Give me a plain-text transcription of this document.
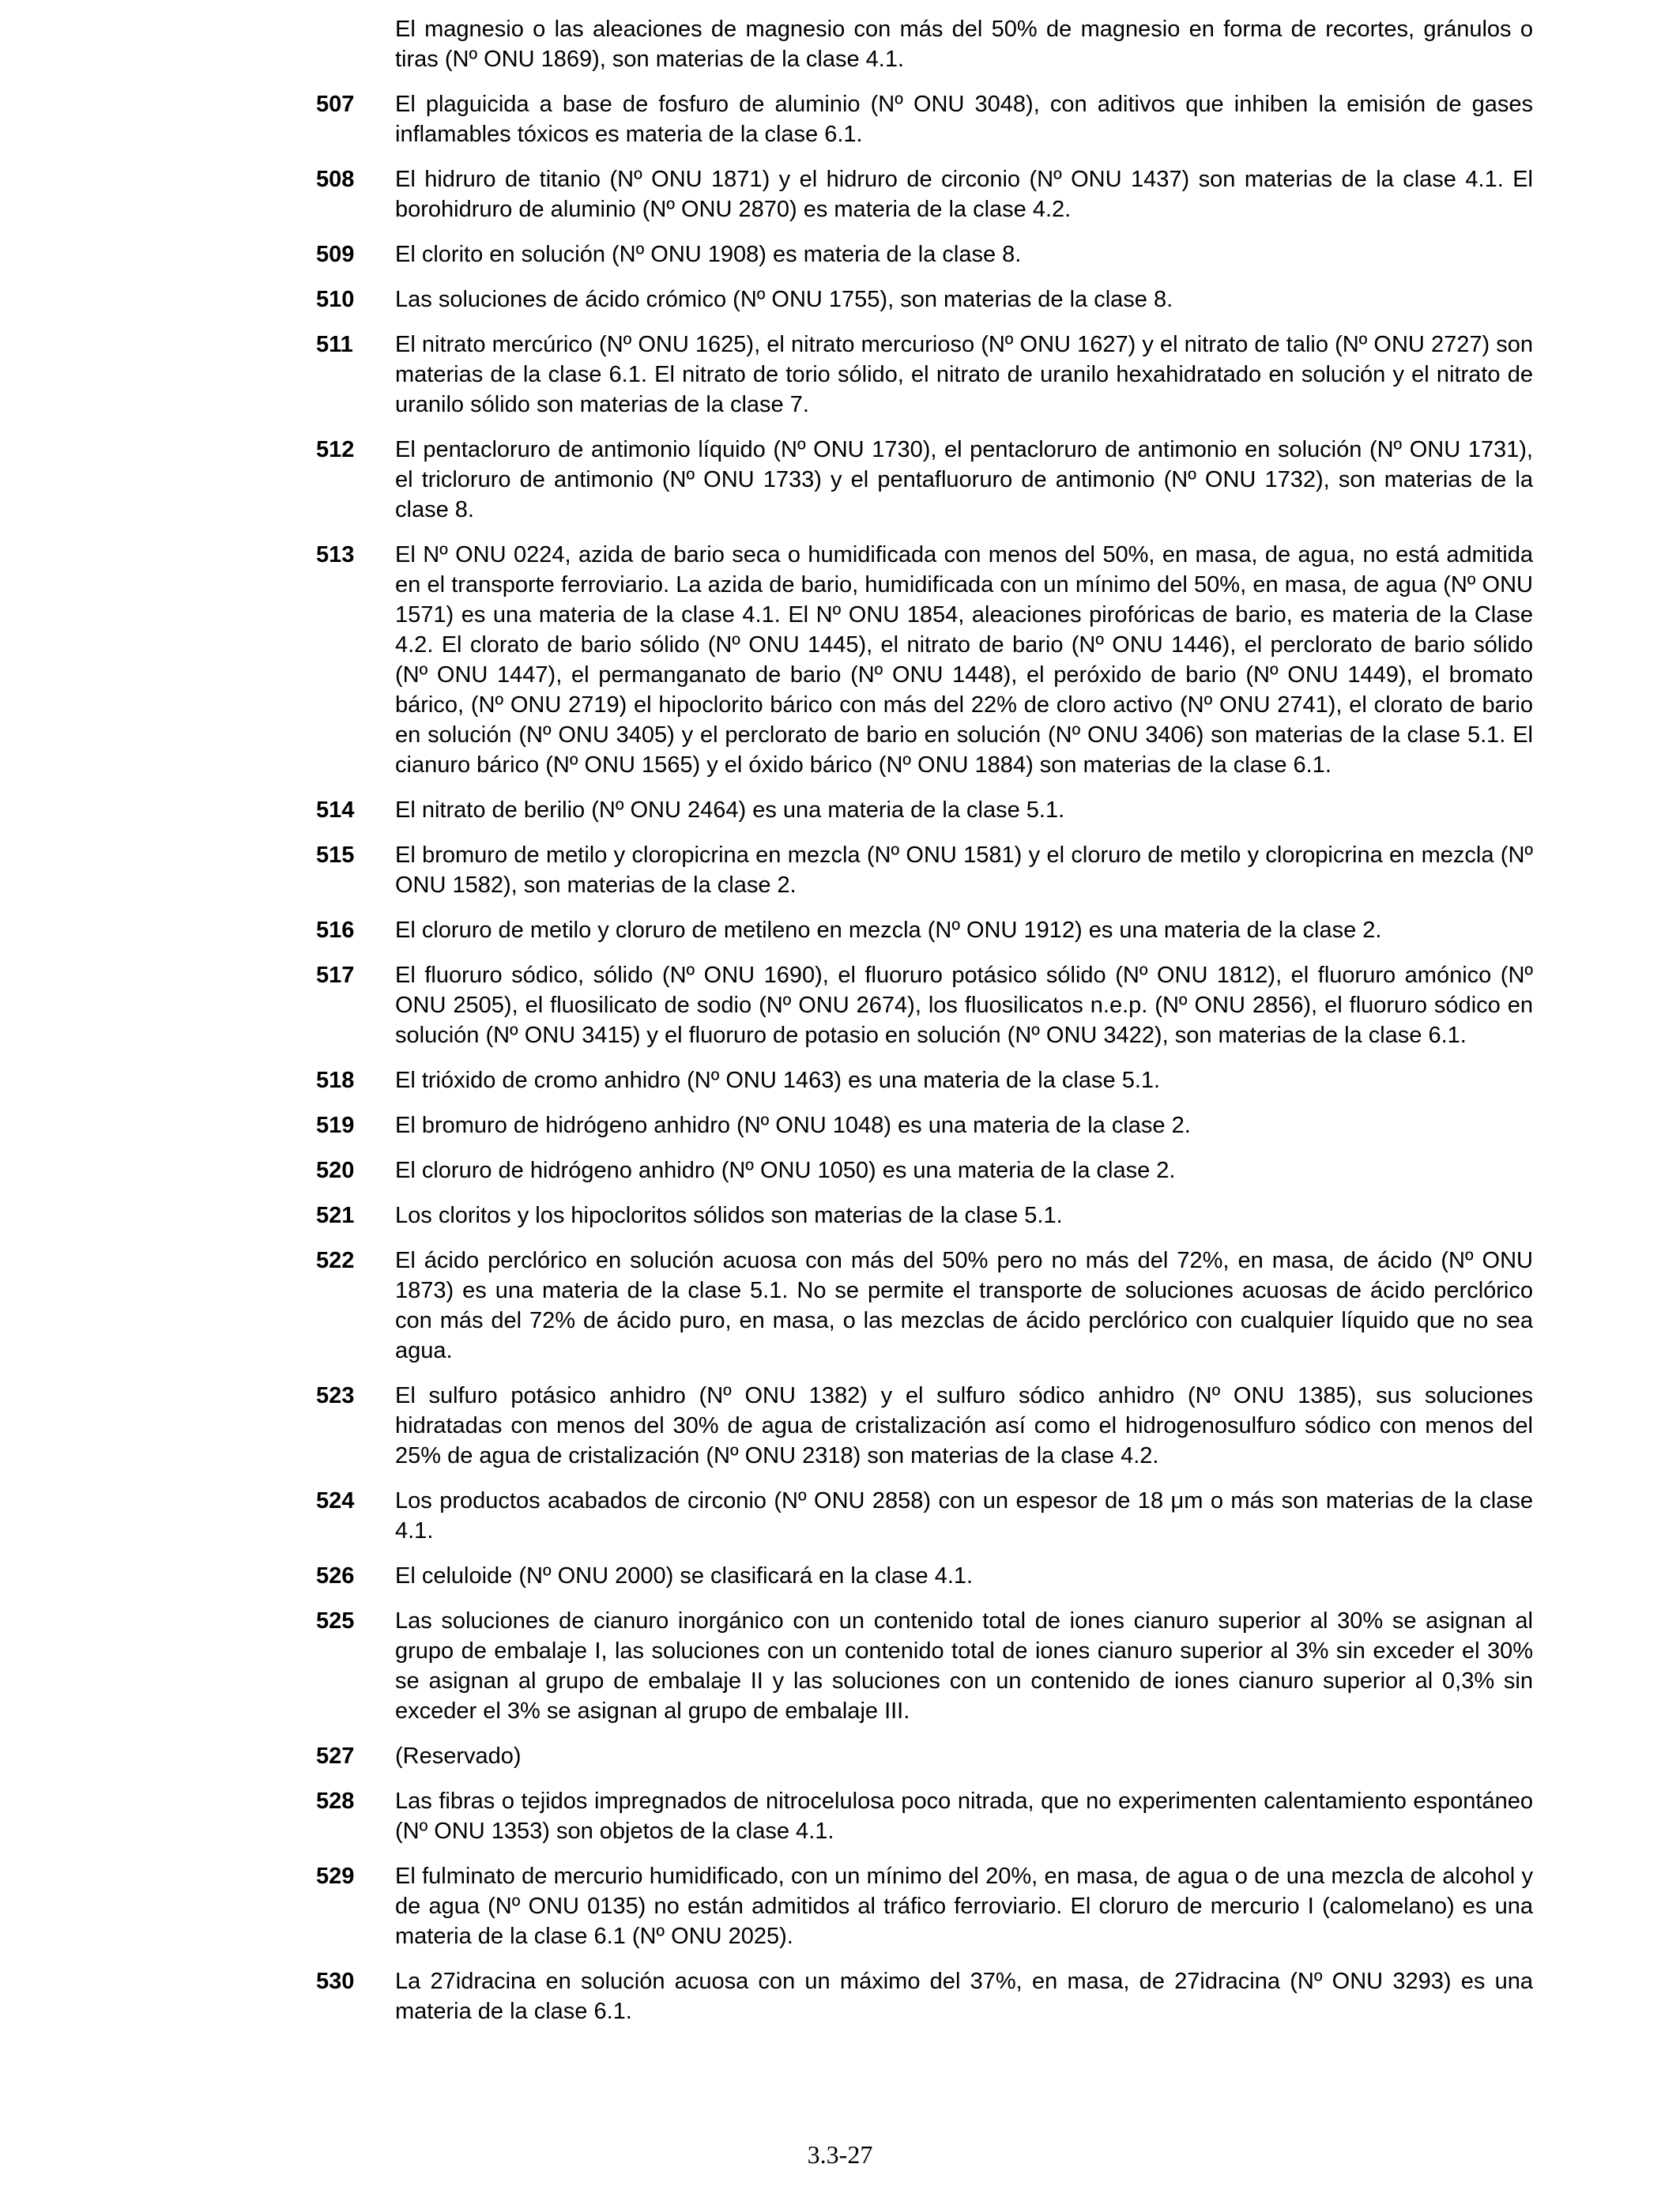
El magnesio o las aleaciones de magnesio con más del 50% de magnesio en forma de recortes, gránulos o tiras (Nº ONU 1869), son materias de la clase 4.1.
507	El plaguicida a base de fosfuro de aluminio (Nº ONU 3048), con aditivos que inhiben la emisión de gases inflamables tóxicos es materia de la clase 6.1.
508	El hidruro de titanio (Nº ONU 1871) y el hidruro de circonio (Nº ONU 1437) son materias de la clase 4.1. El borohidruro de aluminio (Nº ONU 2870) es materia de la clase 4.2.
509	El clorito en solución (Nº ONU 1908) es materia de la clase 8.
510	Las soluciones de ácido crómico (Nº ONU 1755), son materias de la clase 8.
511	El nitrato mercúrico (Nº ONU 1625), el nitrato mercurioso (Nº ONU 1627) y el nitrato de talio (Nº ONU 2727) son materias de la clase 6.1. El nitrato de torio sólido, el nitrato de uranilo hexahidratado en solución y el nitrato de uranilo sólido son materias de la clase 7.
512	El pentacloruro de antimonio líquido (Nº ONU 1730), el pentacloruro de antimonio en solución (Nº ONU 1731), el tricloruro de antimonio (Nº ONU 1733) y el pentafluoruro de antimonio (Nº ONU 1732), son materias de la clase 8.
513	El Nº ONU 0224, azida de bario seca o humidificada con menos del 50%, en masa, de agua, no está admitida en el transporte ferroviario. La azida de bario, humidificada con un mínimo del 50%, en masa, de agua (Nº ONU 1571) es una materia de la clase 4.1. El Nº ONU 1854, aleaciones pirofóricas de bario, es materia de la Clase 4.2. El clorato de bario sólido (Nº ONU 1445), el nitrato de bario (Nº ONU 1446), el perclorato de bario sólido (Nº ONU 1447), el permanganato de bario (Nº ONU 1448), el peróxido de bario (Nº ONU 1449), el bromato bárico, (Nº ONU 2719) el hipoclorito bárico con más del 22% de cloro activo (Nº ONU 2741), el clorato de bario en solución (Nº ONU 3405) y el perclorato de bario en solución (Nº ONU 3406) son materias de la clase 5.1. El cianuro bárico (Nº ONU 1565) y el óxido bárico (Nº ONU 1884) son materias de la clase 6.1.
514	El nitrato de berilio (Nº ONU 2464) es una materia de la clase 5.1.
515	El bromuro de metilo y cloropicrina en mezcla (Nº ONU 1581) y el cloruro de metilo y cloropicrina en mezcla (Nº ONU 1582), son materias de la clase 2.
516	El cloruro de metilo y cloruro de metileno en mezcla (Nº ONU 1912) es una materia de la clase 2.
517	El fluoruro sódico, sólido (Nº ONU 1690), el fluoruro potásico sólido (Nº ONU 1812), el fluoruro amónico (Nº ONU 2505), el fluosilicato de sodio (Nº ONU 2674), los fluosilicatos n.e.p. (Nº ONU 2856), el fluoruro sódico en solución (Nº ONU 3415) y el fluoruro de potasio en solución (Nº ONU 3422), son materias de la clase 6.1.
518	El trióxido de cromo anhidro (Nº ONU 1463) es una materia de la clase 5.1.
519	El bromuro de hidrógeno anhidro (Nº ONU 1048) es una materia de la clase 2.
520	El cloruro de hidrógeno anhidro (Nº ONU 1050) es una materia de la clase 2.
521	Los cloritos y los hipocloritos sólidos son materias de la clase 5.1.
522	El ácido perclórico en solución acuosa con más del 50% pero no más del 72%, en masa, de ácido (Nº ONU 1873) es una materia de la clase 5.1. No se permite el transporte de soluciones acuosas de ácido perclórico con más del 72% de ácido puro, en masa, o las mezclas de ácido perclórico con cualquier líquido que no sea agua.
523	El sulfuro potásico anhidro (Nº ONU 1382) y el sulfuro sódico anhidro (Nº ONU 1385), sus soluciones hidratadas con menos del 30% de agua de cristalización así como el hidrogenosulfuro sódico con menos del 25% de agua de cristalización (Nº ONU 2318) son materias de la clase 4.2.
524	Los productos acabados de circonio (Nº ONU 2858) con un espesor de 18 μm o más son materias de la clase 4.1.
526	El celuloide (Nº ONU 2000) se clasificará en la clase 4.1.
525	Las soluciones de cianuro inorgánico con un contenido total de iones cianuro superior al 30% se asignan al grupo de embalaje I, las soluciones con un contenido total de iones cianuro superior al 3% sin exceder el 30% se asignan al grupo de embalaje II y las soluciones con un contenido de iones cianuro superior al 0,3% sin exceder el 3% se asignan al grupo de embalaje III.
527	(Reservado)
528	Las fibras o tejidos impregnados de nitrocelulosa poco nitrada, que no experimenten calentamiento espontáneo (Nº ONU 1353) son objetos de la clase 4.1.
529	El fulminato de mercurio humidificado, con un mínimo del 20%, en masa, de agua o de una mezcla de alcohol y de agua (Nº ONU 0135) no están admitidos al tráfico ferroviario. El cloruro de mercurio I (calomelano) es una materia de la clase 6.1 (Nº ONU 2025).
530	La 27idracina en solución acuosa con un máximo del 37%, en masa, de 27idracina (Nº ONU 3293) es una materia de la clase 6.1.
3.3-27
